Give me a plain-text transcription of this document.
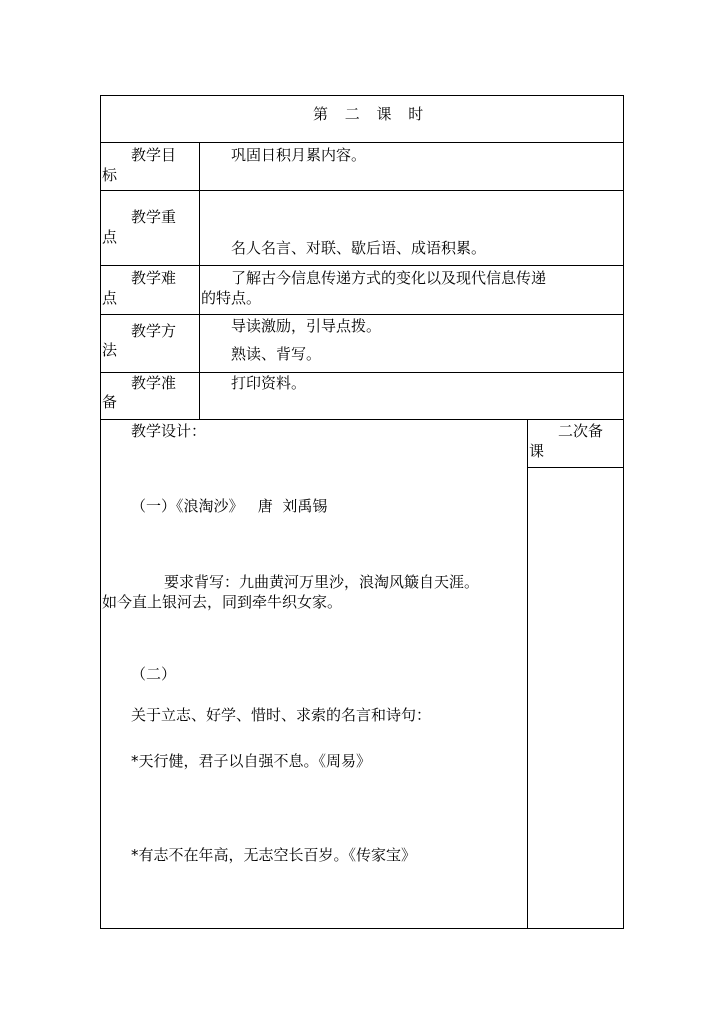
第 二 课 时
教学目
标
巩固日积月累内容。
教学重
点
名人名言、对联、歇后语、成语积累。
教学难
点
了解古今信息传递方式的变化以及现代信息传递
的特点。
教学方
法
导读激励，引导点拨。
熟读、背写。
教学准
备
打印资料。
教学设计：	二次备
课
（一）《浪淘沙》   唐  刘禹锡
要求背写：九曲黄河万里沙，浪淘风簸自天涯。
如今直上银河去，同到牵牛织女家。
（二）
关于立志、好学、惜时、求索的名言和诗句：
*天行健，君子以自强不息。《周易》
*有志不在年高，无志空长百岁。《传家宝》
